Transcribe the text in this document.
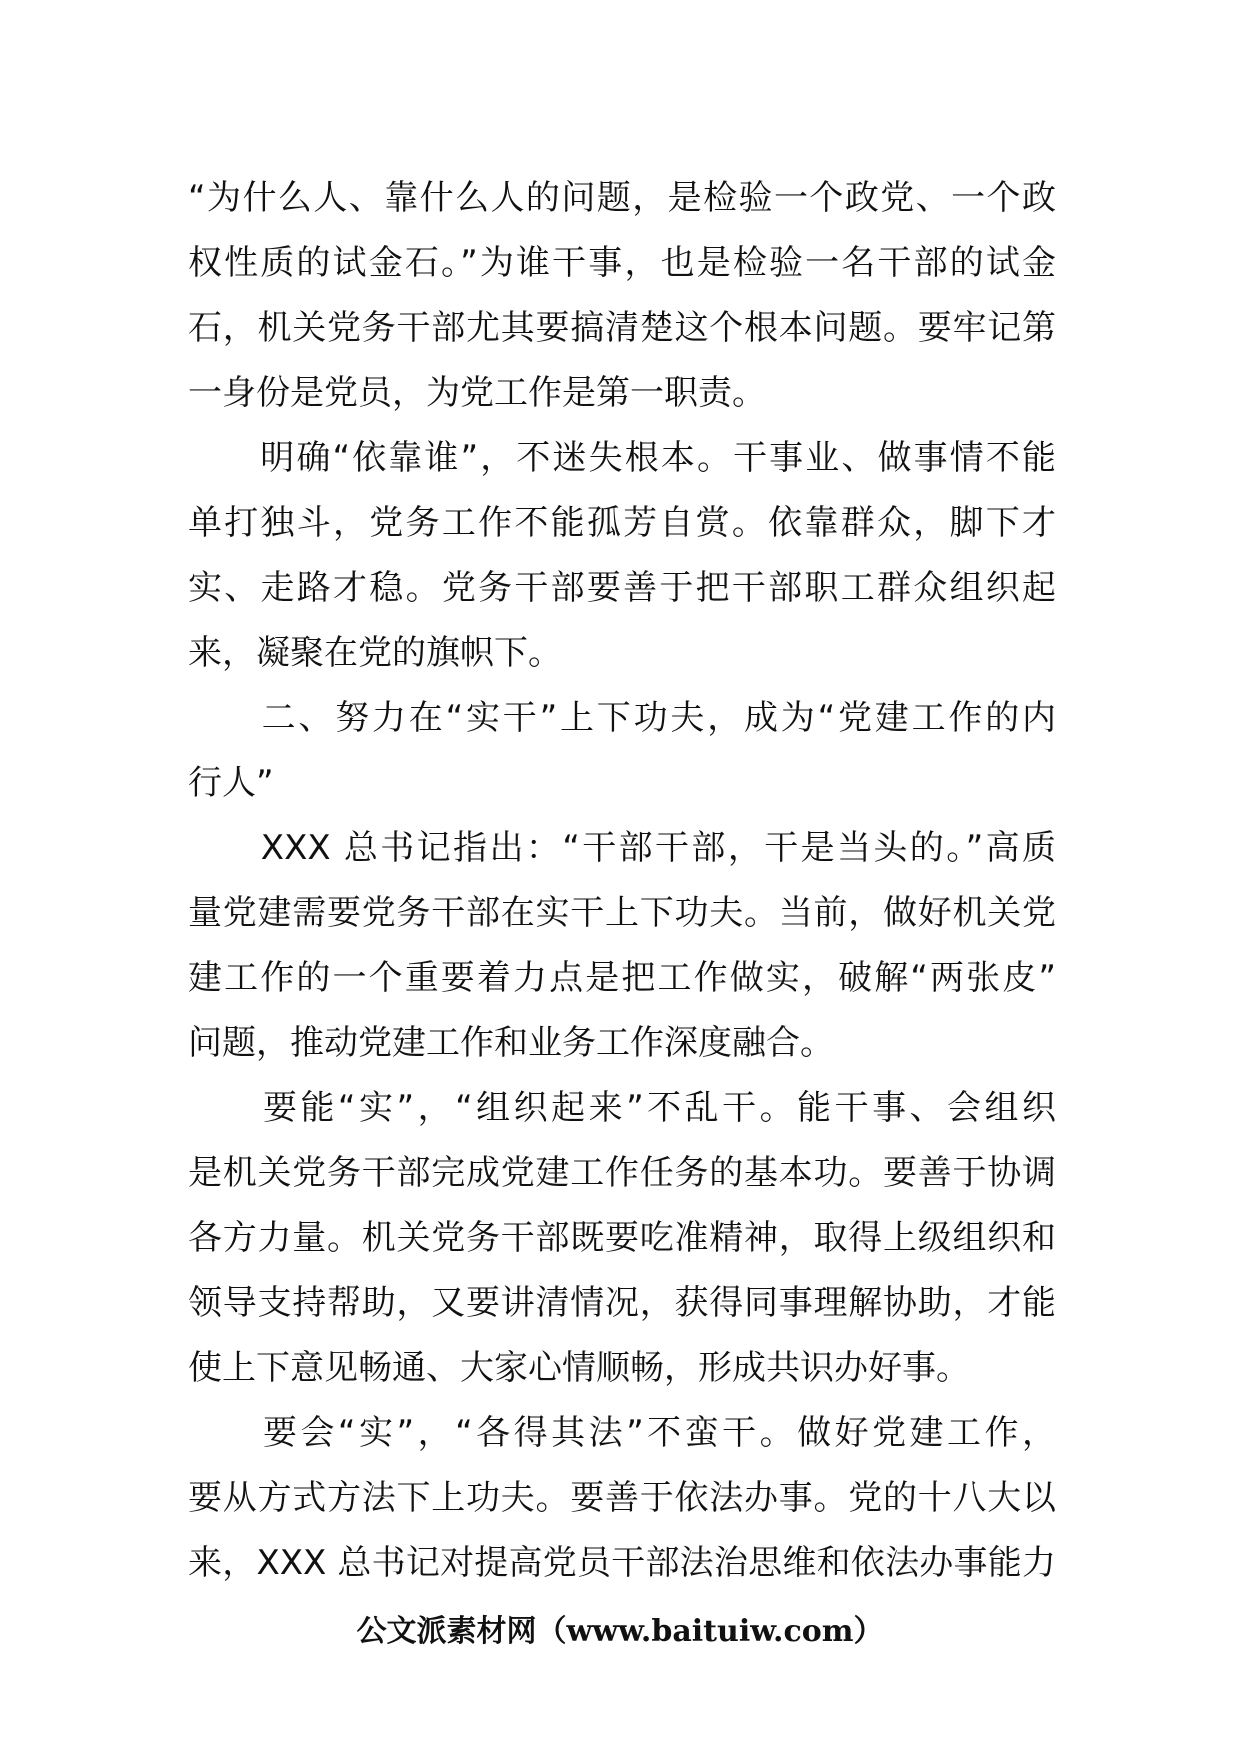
“为什么人、靠什么人的问题，是检验一个政党、一个政
权性质的试金石。”为谁干事，也是检验一名干部的试金
石，机关党务干部尤其要搞清楚这个根本问题。要牢记第
一身份是党员，为党工作是第一职责。
　　明确“依靠谁”，不迷失根本。干事业、做事情不能
单打独斗，党务工作不能孤芳自赏。依靠群众，脚下才
实、走路才稳。党务干部要善于把干部职工群众组织起
来，凝聚在党的旗帜下。
　　二、努力在“实干”上下功夫，成为“党建工作的内
行人”
　　XXX 总书记指出：“干部干部，干是当头的。”高质
量党建需要党务干部在实干上下功夫。当前，做好机关党
建工作的一个重要着力点是把工作做实，破解“两张皮”
问题，推动党建工作和业务工作深度融合。
　　要能“实”，“组织起来”不乱干。能干事、会组织
是机关党务干部完成党建工作任务的基本功。要善于协调
各方力量。机关党务干部既要吃准精神，取得上级组织和
领导支持帮助，又要讲清情况，获得同事理解协助，才能
使上下意见畅通、大家心情顺畅，形成共识办好事。
　　要会“实”，“各得其法”不蛮干。做好党建工作，
要从方式方法下上功夫。要善于依法办事。党的十八大以
来，XXX 总书记对提高党员干部法治思维和依法办事能力
公文派素材网（www.baituiw.com）
